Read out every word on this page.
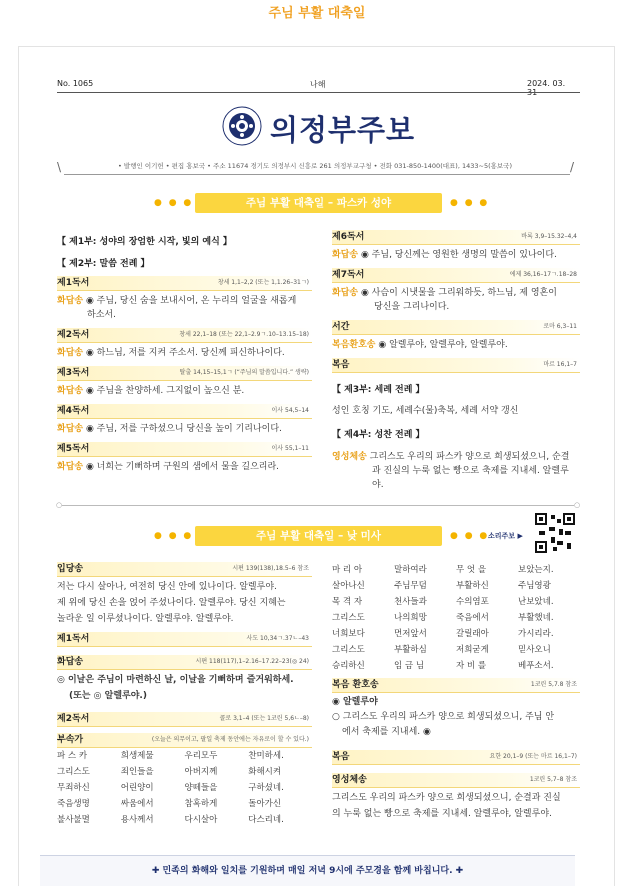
주님 부활 대축일
No. 1065	나해	2024. 03.
의정부주보
\	• 발행인 이기헌 • 편집 홍보국 • 주소 11674 경기도 의정부시 신흥로 261 의정부교구청 • 전화 031-850-1400(대표), 1433~5(홍보국)	/
● ● ●	주님 부활 대축일 – 파스카 성야	● ● ●
【 제1부: 성야의 장엄한 시작, 빛의 예식 】
【 제2부: 말씀 전례 】
제1독서	창세 1,1–2,2 (또는 1,1.26–31ㄱ)
화답송 ◉ 주님, 당신 숨을 보내시어, 온 누리의 얼굴을 새롭게
하소서.
제2독서	창세 22,1–18 (또는 22,1–2.9ㄱ.10–13.15–18)
화답송 ◉ 하느님, 저를 지켜 주소서. 당신께 피신하나이다.
제3독서	탈출 14,15–15,1ㄱ (“주님의 말씀입니다.” 생략)
화답송 ◉ 주님을 찬양하세. 그지없이 높으신 분.
제4독서	이사 54,5–14
화답송 ◉ 주님, 저를 구하셨으니 당신을 높이 기리나이다.
제5독서	이사 55,1–11
화답송 ◉ 너희는 기뻐하며 구원의 샘에서 물을 길으리라.
제6독서	바록 3,9–15.32–4,4
화답송 ◉ 주님, 당신께는 영원한 생명의 말씀이 있나이다.
제7독서	에제 36,16–17ㄱ.18–28
화답송 ◉ 사슴이 시냇물을 그리워하듯, 하느님, 제 영혼이
당신을 그리나이다.
서간	로마 6,3–11
복음환호송 ◉ 알렐루야, 알렐루야, 알렐루야.
복음	마르 16,1–7
【 제3부: 세례 전례 】
성인 호칭 기도, 세례수(물)축복, 세례 서약 갱신
【 제4부: 성찬 전례 】
영성체송 그리스도 우리의 파스카 양으로 희생되셨으니, 순결
과 진실의 누룩 없는 빵으로 축제를 지내세. 알렐루야.
○	○
● ● ●	주님 부활 대축일 – 낮 미사	● ● ●
소리주보 ▶
입당송	시편 139(138),18.5–6 참조
저는 다시 살아나, 여전히 당신 안에 있나이다. 알렐루야.
제 위에 당신 손을 얹어 주셨나이다. 알렐루야. 당신 지혜는
놀라운 일 이루셨나이다. 알렐루야. 알렐루야.
제1독서	사도 10,34ㄱ.37ㄴ–43
화답송	시편 118(117),1–2.16–17.22–23(◎ 24)
◎ 이날은 주님이 마련하신 날, 이날을 기뻐하며 즐거워하세.
(또는 ◎ 알렐루야.)
제2독서	콜로 3,1–4 (또는 1코린 5,6ㄴ–8)
부속가	(오늘은 의무이고, 팔일 축제 동안에는 자유로이 할 수 있다.)
파 스 카	희생제물	우리모두	찬미하세.
그리스도	죄인들을	아버지께	화해시켜
무죄하신	어린양이	양떼들을	구하셨네.
죽음생명	싸움에서	참혹하게	돌아가신
불사불멸	용사께서	다시살아	다스리네.
마 리 아	말하여라	무 엇 을	보았는지.
살아나신	주님무덤	부활하신	주님영광
목 격 자	천사들과	수의염포	난보았네.
그리스도	나의희망	죽음에서	부활했네.
너희보다	먼저앞서	갈릴래아	가시리라.
그리스도	부활하심	저희굳게	믿사오니
승리하신	임 금 님	자 비 를	베푸소서.
복음 환호송	1코린 5,7.8 참조
◉ 알렐루야
○ 그리스도 우리의 파스카 양으로 희생되셨으니, 주님 안
에서 축제를 지내세. ◉
복음	요한 20,1–9 (또는 마르 16,1–7)
영성체송	1코린 5,7–8 참조
그리스도 우리의 파스카 양으로 희생되셨으니, 순결과 진실
의 누룩 없는 빵으로 축제를 지내세. 알렐루야, 알렐루야.
✚ 민족의 화해와 일치를 기원하며 매일 저녁 9시에 주모경을 함께 바칩니다. ✚
